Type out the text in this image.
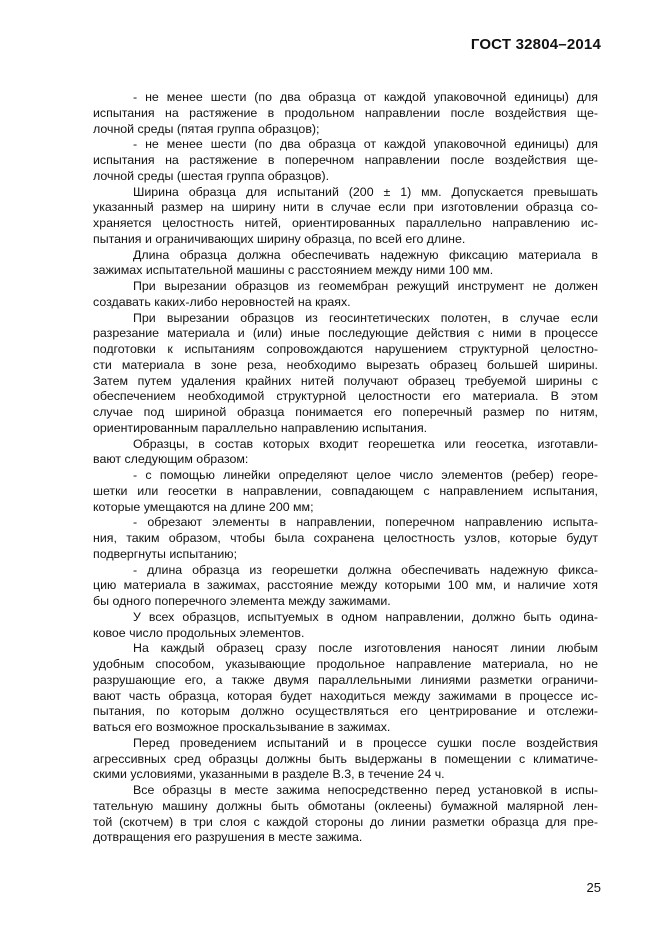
ГОСТ 32804–2014
- не менее шести (по два образца от каждой упаковочной единицы) для
испытания на растяжение в продольном направлении после воздействия ще-
лочной среды (пятая группа образцов);
- не менее шести (по два образца от каждой упаковочной единицы) для
испытания на растяжение в поперечном направлении после воздействия ще-
лочной среды (шестая группа образцов).
Ширина образца для испытаний (200 ± 1) мм. Допускается превышать
указанный размер на ширину нити в случае если при изготовлении образца со-
храняется целостность нитей, ориентированных параллельно направлению ис-
пытания и ограничивающих ширину образца, по всей его длине.
Длина образца должна обеспечивать надежную фиксацию материала в
зажимах испытательной машины с расстоянием между ними 100 мм.
При вырезании образцов из геомембран режущий инструмент не должен
создавать каких-либо неровностей на краях.
При вырезании образцов из геосинтетических полотен, в случае если
разрезание материала и (или) иные последующие действия с ними в процессе
подготовки к испытаниям сопровождаются нарушением структурной целостно-
сти материала в зоне реза, необходимо вырезать образец большей ширины.
Затем путем удаления крайних нитей получают образец требуемой ширины с
обеспечением необходимой структурной целостности его материала. В этом
случае под шириной образца понимается его поперечный размер по нитям,
ориентированным параллельно направлению испытания.
Образцы, в состав которых входит георешетка или геосетка, изготавли-
вают следующим образом:
- с помощью линейки определяют целое число элементов (ребер) георе-
шетки или геосетки в направлении, совпадающем с направлением испытания,
которые умещаются на длине 200 мм;
- обрезают элементы в направлении, поперечном направлению испыта-
ния, таким образом, чтобы была сохранена целостность узлов, которые будут
подвергнуты испытанию;
- длина образца из георешетки должна обеспечивать надежную фикса-
цию материала в зажимах, расстояние между которыми 100 мм, и наличие хотя
бы одного поперечного элемента между зажимами.
У всех образцов, испытуемых в одном направлении, должно быть одина-
ковое число продольных элементов.
На каждый образец сразу после изготовления наносят линии любым
удобным способом, указывающие продольное направление материала, но не
разрушающие его, а также двумя параллельными линиями разметки ограничи-
вают часть образца, которая будет находиться между зажимами в процессе ис-
пытания, по которым должно осуществляться его центрирование и отслежи-
ваться его возможное проскальзывание в зажимах.
Перед проведением испытаний и в процессе сушки после воздействия
агрессивных сред образцы должны быть выдержаны в помещении с климатиче-
скими условиями, указанными в разделе В.3, в течение 24 ч.
Все образцы в месте зажима непосредственно перед установкой в испы-
тательную машину должны быть обмотаны (оклеены) бумажной малярной лен-
той (скотчем) в три слоя с каждой стороны до линии разметки образца для пре-
дотвращения его разрушения в месте зажима.
25
